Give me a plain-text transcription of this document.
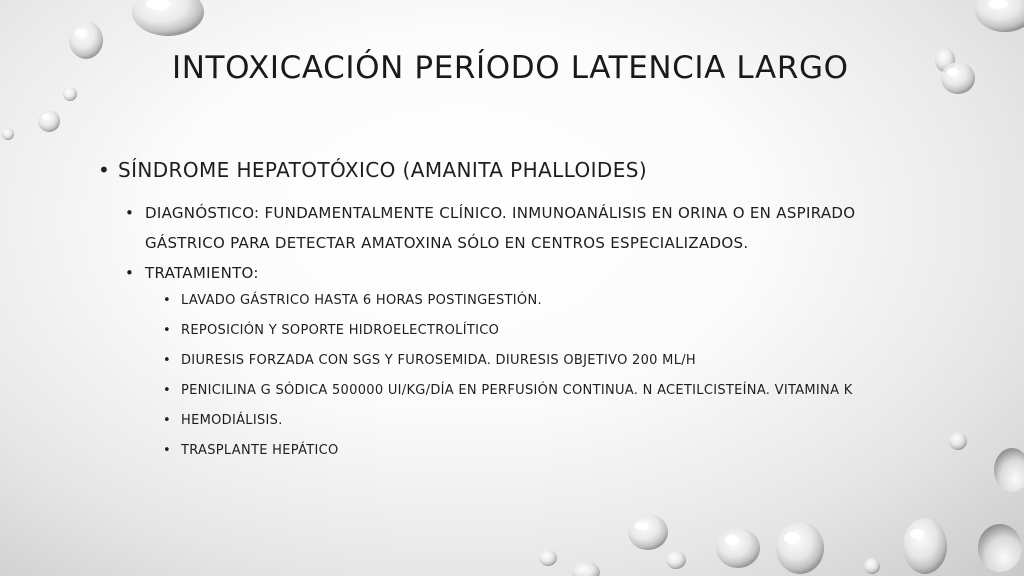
INTOXICACIÓN PERÍODO LATENCIA LARGO
• SÍNDROME HEPATOTÓXICO (AMANITA PHALLOIDES)
• DIAGNÓSTICO: FUNDAMENTALMENTE CLÍNICO. INMUNOANÁLISIS EN ORINA O EN ASPIRADO GÁSTRICO PARA DETECTAR AMATOXINA SÓLO EN CENTROS ESPECIALIZADOS.
• TRATAMIENTO:
• LAVADO GÁSTRICO HASTA 6 HORAS POSTINGESTIÓN.
• REPOSICIÓN Y SOPORTE HIDROELECTROLÍTICO
• DIURESIS FORZADA CON SGS Y FUROSEMIDA. DIURESIS OBJETIVO 200 ML/H
• PENICILINA G SÓDICA 500000 UI/KG/DÍA EN PERFUSIÓN CONTINUA. N ACETILCISTEÍNA. VITAMINA K
• HEMODIÁLISIS.
• TRASPLANTE HEPÁTICO
